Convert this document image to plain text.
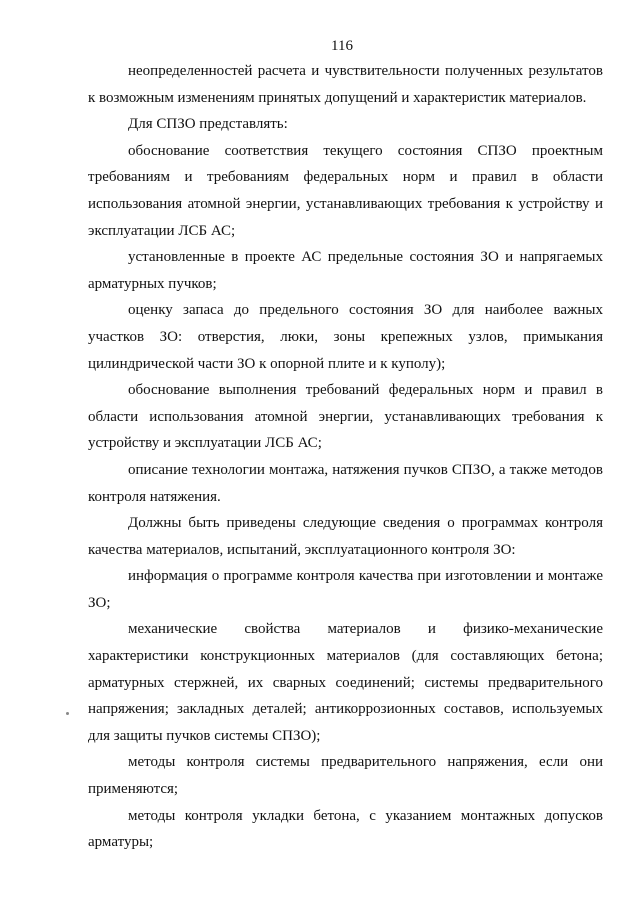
116

неопределенностей расчета и чувствительности полученных результатов к возможным изменениям принятых допущений и характеристик материалов.

Для СПЗО представлять:

обоснование соответствия текущего состояния СПЗО проектным требованиям и требованиям федеральных норм и правил в области использования атомной энергии, устанавливающих требования к устройству и эксплуатации ЛСБ АС;

установленные в проекте АС предельные состояния ЗО и напрягаемых арматурных пучков;

оценку запаса до предельного состояния ЗО для наиболее важных участков ЗО: отверстия, люки, зоны крепежных узлов, примыкания цилиндрической части ЗО к опорной плите и к куполу);

обоснование выполнения требований федеральных норм и правил в области использования атомной энергии, устанавливающих требования к устройству и эксплуатации ЛСБ АС;

описание технологии монтажа, натяжения пучков СПЗО, а также методов контроля натяжения.

Должны быть приведены следующие сведения о программах контроля качества материалов, испытаний, эксплуатационного контроля ЗО:

информация о программе контроля качества при изготовлении и монтаже ЗО;

механические свойства материалов и физико-механические характеристики конструкционных материалов (для составляющих бетона; арматурных стержней, их сварных соединений; системы предварительного напряжения; закладных деталей; антикоррозионных составов, используемых для защиты пучков системы СПЗО);

методы контроля системы предварительного напряжения, если они применяются;

методы контроля укладки бетона, с указанием монтажных допусков арматуры;
